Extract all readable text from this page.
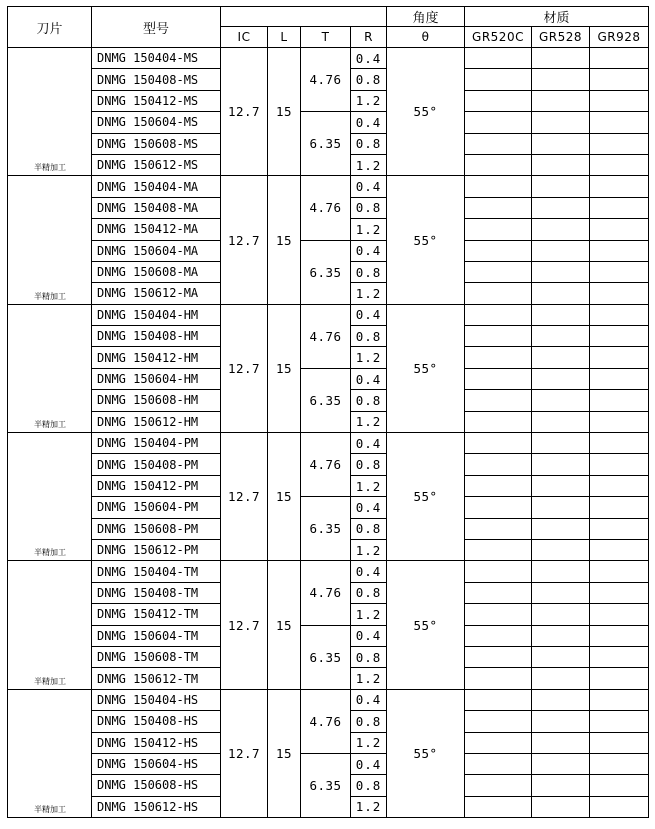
刀片	型号					角度	材质		
		IC	L	T	R	θ	GR520C	GR528	GR928
半精加工	DNMG 150404-MS	12.7	15	4.76	0.4	55°			
	DNMG 150408-MS				0.8				
	DNMG 150412-MS				1.2				
	DNMG 150604-MS			6.35	0.4				
	DNMG 150608-MS				0.8				
	DNMG 150612-MS				1.2				
半精加工	DNMG 150404-MA	12.7	15	4.76	0.4	55°			
	DNMG 150408-MA				0.8				
	DNMG 150412-MA				1.2				
	DNMG 150604-MA			6.35	0.4				
	DNMG 150608-MA				0.8				
	DNMG 150612-MA				1.2				
半精加工	DNMG 150404-HM	12.7	15	4.76	0.4	55°			
	DNMG 150408-HM				0.8				
	DNMG 150412-HM				1.2				
	DNMG 150604-HM			6.35	0.4				
	DNMG 150608-HM				0.8				
	DNMG 150612-HM				1.2				
半精加工	DNMG 150404-PM	12.7	15	4.76	0.4	55°			
	DNMG 150408-PM				0.8				
	DNMG 150412-PM				1.2				
	DNMG 150604-PM			6.35	0.4				
	DNMG 150608-PM				0.8				
	DNMG 150612-PM				1.2				
半精加工	DNMG 150404-TM	12.7	15	4.76	0.4	55°			
	DNMG 150408-TM				0.8				
	DNMG 150412-TM				1.2				
	DNMG 150604-TM			6.35	0.4				
	DNMG 150608-TM				0.8				
	DNMG 150612-TM				1.2				
半精加工	DNMG 150404-HS	12.7	15	4.76	0.4	55°			
	DNMG 150408-HS				0.8				
	DNMG 150412-HS				1.2				
	DNMG 150604-HS			6.35	0.4				
	DNMG 150608-HS				0.8				
	DNMG 150612-HS				1.2				
